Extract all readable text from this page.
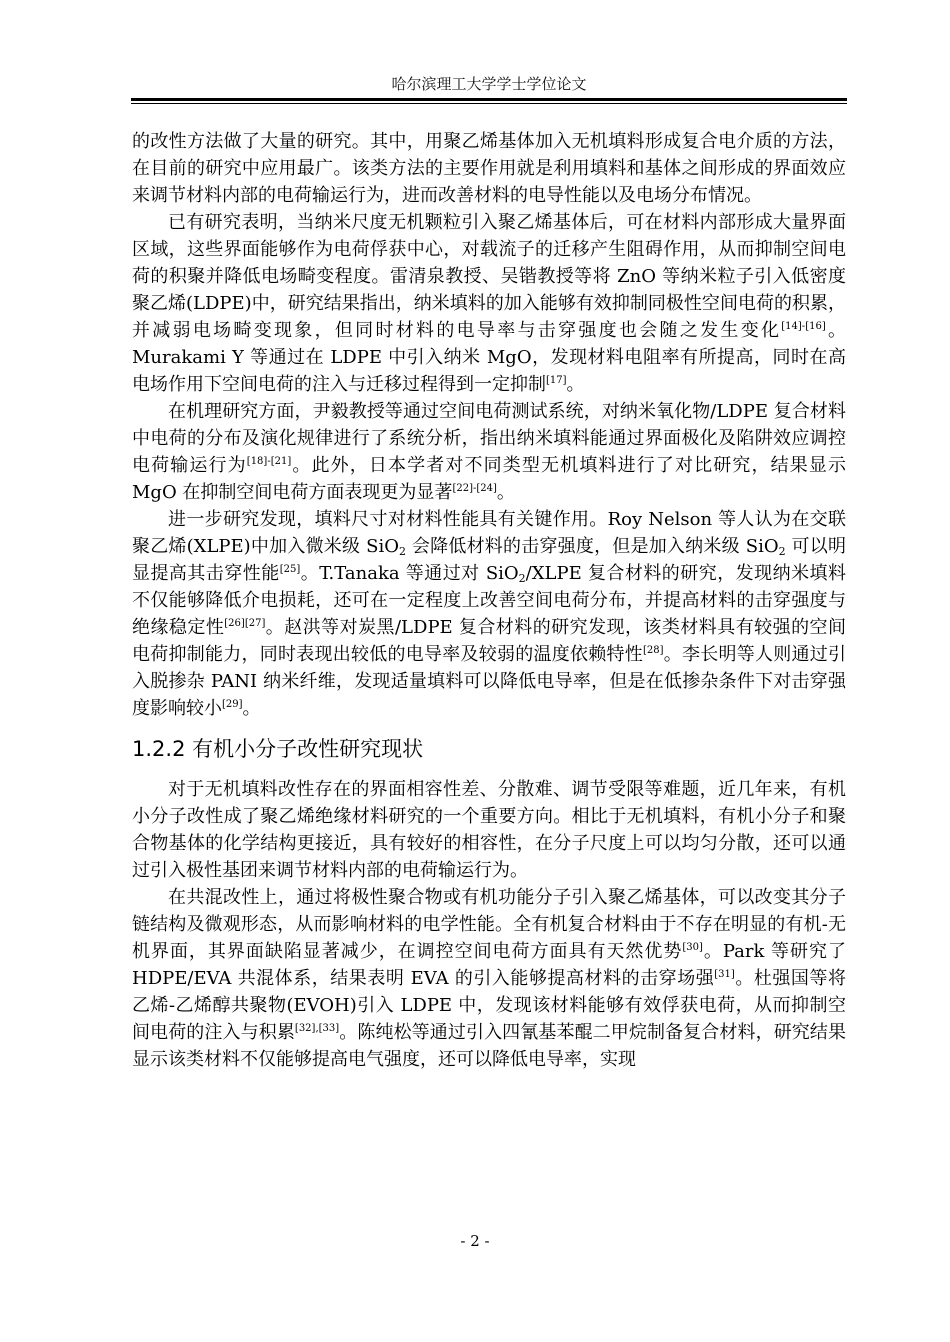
哈尔滨理工大学学士学位论文

的改性方法做了大量的研究。其中，用聚乙烯基体加入无机填料形成复合电介质的方法，在目前的研究中应用最广。该类方法的主要作用就是利用填料和基体之间形成的界面效应来调节材料内部的电荷输运行为，进而改善材料的电导性能以及电场分布情况。

已有研究表明，当纳米尺度无机颗粒引入聚乙烯基体后，可在材料内部形成大量界面区域，这些界面能够作为电荷俘获中心，对载流子的迁移产生阻碍作用，从而抑制空间电荷的积聚并降低电场畸变程度。雷清泉教授、吴锴教授等将 ZnO 等纳米粒子引入低密度聚乙烯(LDPE)中，研究结果指出，纳米填料的加入能够有效抑制同极性空间电荷的积累，并减弱电场畸变现象，但同时材料的电导率与击穿强度也会随之发生变化[14]-[16]。Murakami Y 等通过在 LDPE 中引入纳米 MgO，发现材料电阻率有所提高，同时在高电场作用下空间电荷的注入与迁移过程得到一定抑制[17]。

在机理研究方面，尹毅教授等通过空间电荷测试系统，对纳米氧化物/LDPE 复合材料中电荷的分布及演化规律进行了系统分析，指出纳米填料能通过界面极化及陷阱效应调控电荷输运行为[18]-[21]。此外，日本学者对不同类型无机填料进行了对比研究，结果显示 MgO 在抑制空间电荷方面表现更为显著[22]-[24]。

进一步研究发现，填料尺寸对材料性能具有关键作用。Roy Nelson 等人认为在交联聚乙烯(XLPE)中加入微米级 SiO$_2$ 会降低材料的击穿强度，但是加入纳米级 SiO$_2$ 可以明显提高其击穿性能[25]。T.Tanaka 等通过对 SiO$_2$/XLPE 复合材料的研究，发现纳米填料不仅能够降低介电损耗，还可在一定程度上改善空间电荷分布，并提高材料的击穿强度与绝缘稳定性[26][27]。赵洪等对炭黑/LDPE 复合材料的研究发现，该类材料具有较强的空间电荷抑制能力，同时表现出较低的电导率及较弱的温度依赖特性[28]。李长明等人则通过引入脱掺杂 PANI 纳米纤维，发现适量填料可以降低电导率，但是在低掺杂条件下对击穿强度影响较小[29]。

1.2.2 有机小分子改性研究现状

对于无机填料改性存在的界面相容性差、分散难、调节受限等难题，近几年来，有机小分子改性成了聚乙烯绝缘材料研究的一个重要方向。相比于无机填料，有机小分子和聚合物基体的化学结构更接近，具有较好的相容性，在分子尺度上可以均匀分散，还可以通过引入极性基团来调节材料内部的电荷输运行为。

在共混改性上，通过将极性聚合物或有机功能分子引入聚乙烯基体，可以改变其分子链结构及微观形态，从而影响材料的电学性能。全有机复合材料由于不存在明显的有机-无机界面，其界面缺陷显著减少，在调控空间电荷方面具有天然优势[30]。Park 等研究了 HDPE/EVA 共混体系，结果表明 EVA 的引入能够提高材料的击穿场强[31]。杜强国等将乙烯-乙烯醇共聚物(EVOH)引入 LDPE 中，发现该材料能够有效俘获电荷，从而抑制空间电荷的注入与积累[32],[33]。陈纯松等通过引入四氰基苯醌二甲烷制备复合材料，研究结果显示该类材料不仅能够提高电气强度，还可以降低电导率，实现

- 2 -
